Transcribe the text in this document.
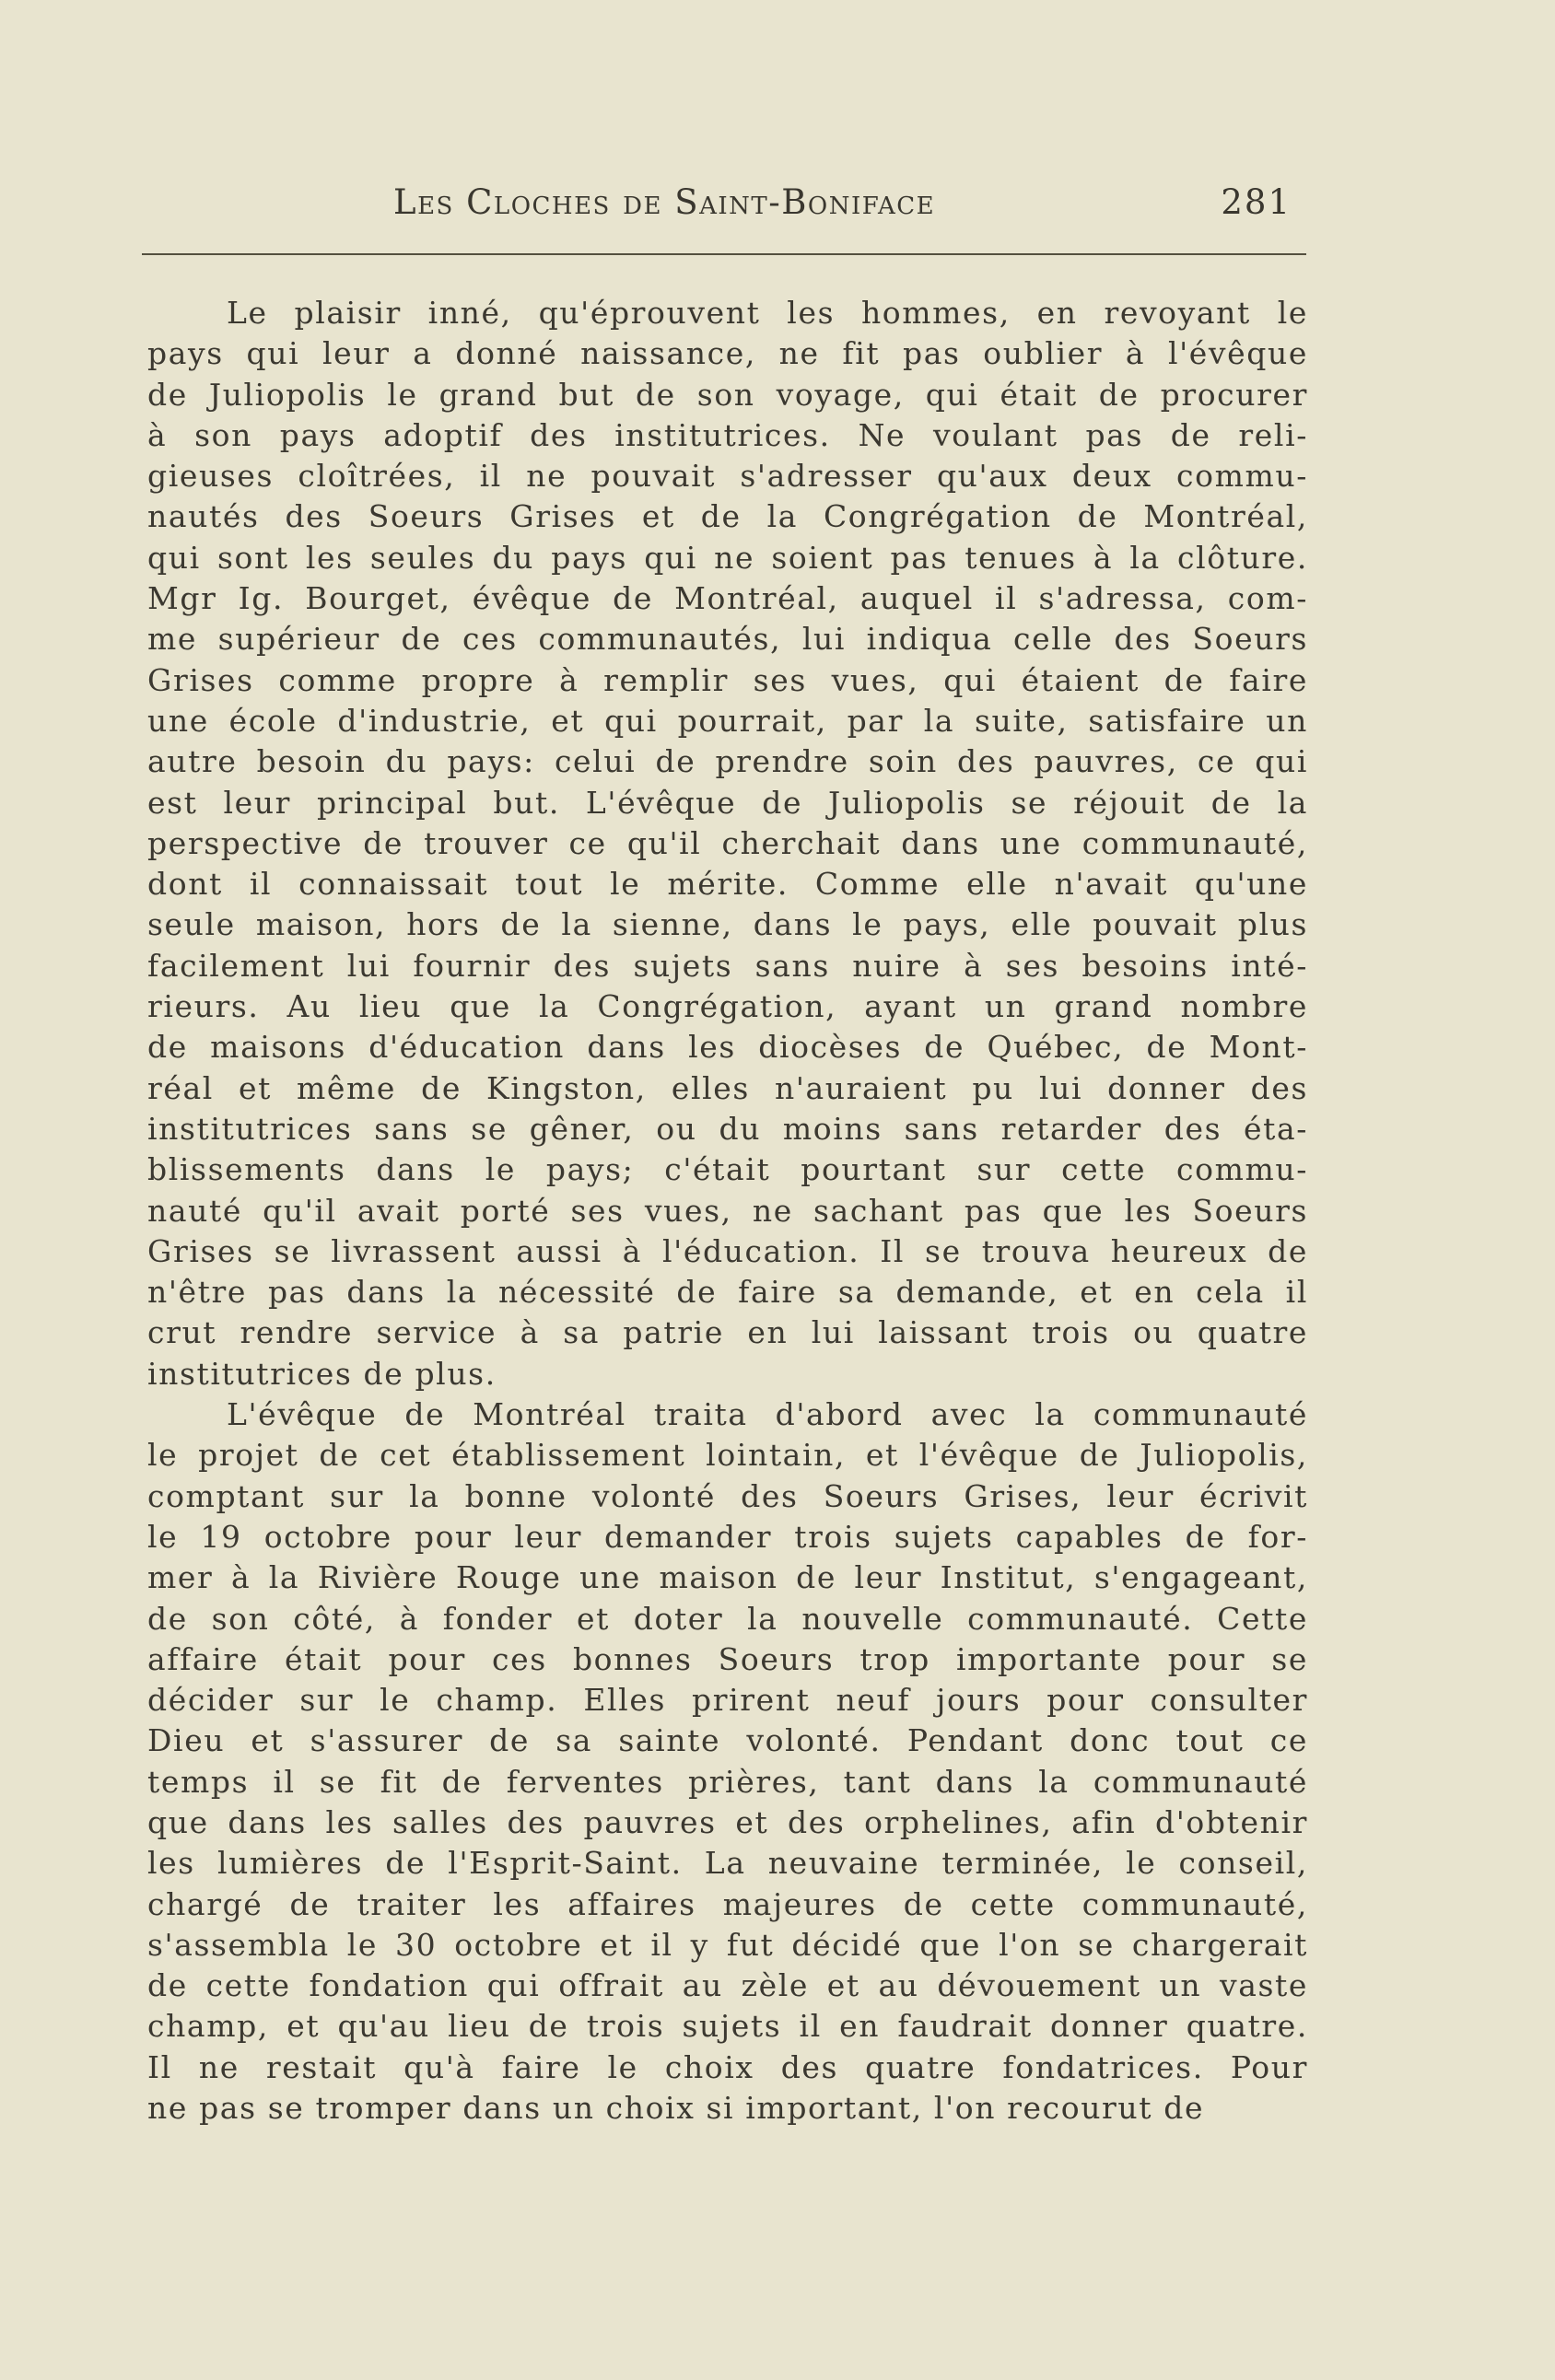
Les Cloches de Saint-Boniface	281
Le plaisir inné, qu'éprouvent les hommes, en revoyant le
pays qui leur a donné naissance, ne fit pas oublier à l'évêque
de Juliopolis le grand but de son voyage, qui était de procurer
à son pays adoptif des institutrices. Ne voulant pas de reli-
gieuses cloîtrées, il ne pouvait s'adresser qu'aux deux commu-
nautés des Soeurs Grises et de la Congrégation de Montréal,
qui sont les seules du pays qui ne soient pas tenues à la clôture.
Mgr Ig. Bourget, évêque de Montréal, auquel il s'adressa, com-
me supérieur de ces communautés, lui indiqua celle des Soeurs
Grises comme propre à remplir ses vues, qui étaient de faire
une école d'industrie, et qui pourrait, par la suite, satisfaire un
autre besoin du pays: celui de prendre soin des pauvres, ce qui
est leur principal but. L'évêque de Juliopolis se réjouit de la
perspective de trouver ce qu'il cherchait dans une communauté,
dont il connaissait tout le mérite. Comme elle n'avait qu'une
seule maison, hors de la sienne, dans le pays, elle pouvait plus
facilement lui fournir des sujets sans nuire à ses besoins inté-
rieurs. Au lieu que la Congrégation, ayant un grand nombre
de maisons d'éducation dans les diocèses de Québec, de Mont-
réal et même de Kingston, elles n'auraient pu lui donner des
institutrices sans se gêner, ou du moins sans retarder des éta-
blissements dans le pays; c'était pourtant sur cette commu-
nauté qu'il avait porté ses vues, ne sachant pas que les Soeurs
Grises se livrassent aussi à l'éducation. Il se trouva heureux de
n'être pas dans la nécessité de faire sa demande, et en cela il
crut rendre service à sa patrie en lui laissant trois ou quatre
institutrices de plus.
L'évêque de Montréal traita d'abord avec la communauté
le projet de cet établissement lointain, et l'évêque de Juliopolis,
comptant sur la bonne volonté des Soeurs Grises, leur écrivit
le 19 octobre pour leur demander trois sujets capables de for-
mer à la Rivière Rouge une maison de leur Institut, s'engageant,
de son côté, à fonder et doter la nouvelle communauté. Cette
affaire était pour ces bonnes Soeurs trop importante pour se
décider sur le champ. Elles prirent neuf jours pour consulter
Dieu et s'assurer de sa sainte volonté. Pendant donc tout ce
temps il se fit de ferventes prières, tant dans la communauté
que dans les salles des pauvres et des orphelines, afin d'obtenir
les lumières de l'Esprit-Saint. La neuvaine terminée, le conseil,
chargé de traiter les affaires majeures de cette communauté,
s'assembla le 30 octobre et il y fut décidé que l'on se chargerait
de cette fondation qui offrait au zèle et au dévouement un vaste
champ, et qu'au lieu de trois sujets il en faudrait donner quatre.
Il ne restait qu'à faire le choix des quatre fondatrices. Pour
ne pas se tromper dans un choix si important, l'on recourut de
